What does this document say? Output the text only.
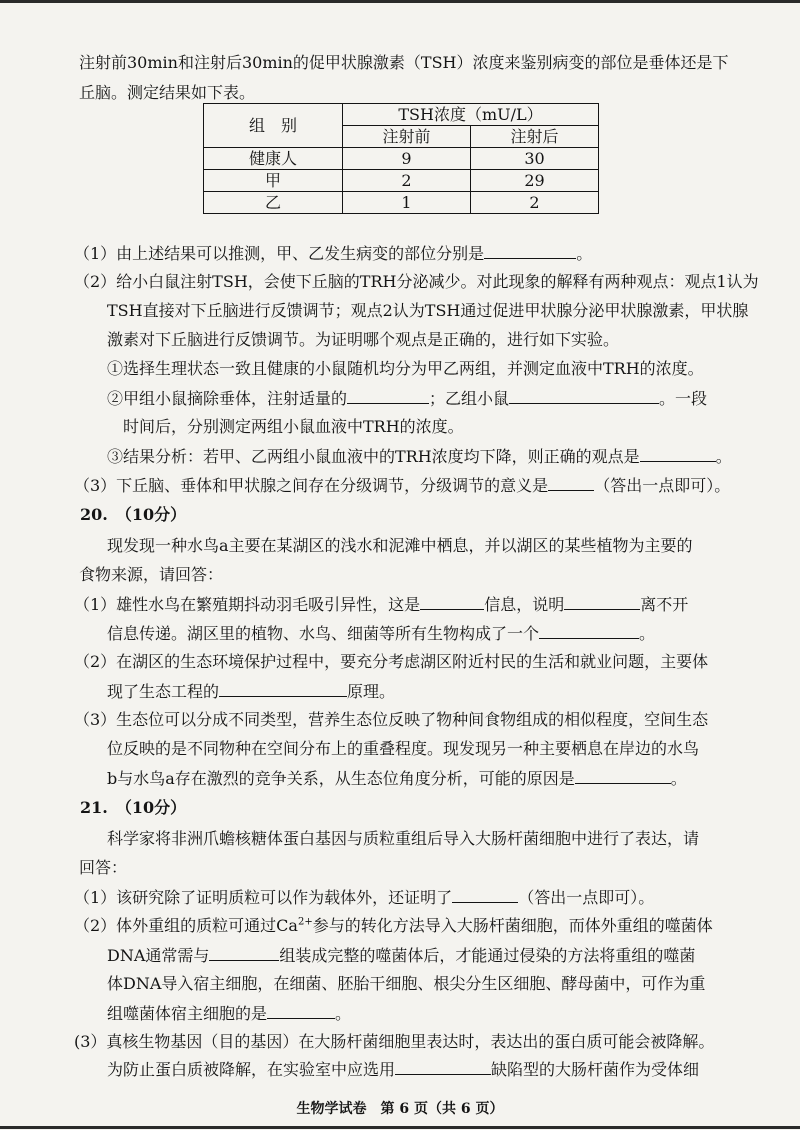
注射前30min和注射后30min的促甲状腺激素（TSH）浓度来鉴别病变的部位是垂体还是下
丘脑。测定结果如下表。
组　别	TSH浓度（mU/L）	
	注射前	注射后
健康人	9	30
甲	2	29
乙	1	2
（1）由上述结果可以推测，甲、乙发生病变的部位分别是	。
（2）给小白鼠注射TSH，会使下丘脑的TRH分泌减少。对此现象的解释有两种观点：观点1认为
TSH直接对下丘脑进行反馈调节；观点2认为TSH通过促进甲状腺分泌甲状腺激素，甲状腺
激素对下丘脑进行反馈调节。为证明哪个观点是正确的，进行如下实验。
①选择生理状态一致且健康的小鼠随机均分为甲乙两组，并测定血液中TRH的浓度。
②甲组小鼠摘除垂体，注射适量的	；乙组小鼠	。一段
时间后，分别测定两组小鼠血液中TRH的浓度。
③结果分析：若甲、乙两组小鼠血液中的TRH浓度均下降，则正确的观点是	。
（3）下丘脑、垂体和甲状腺之间存在分级调节，分级调节的意义是	（答出一点即可）。
20.　（10分）
现发现一种水鸟a主要在某湖区的浅水和泥滩中栖息，并以湖区的某些植物为主要的
食物来源，请回答：
（1）雄性水鸟在繁殖期抖动羽毛吸引异性，这是	信息，说明	离不开
信息传递。湖区里的植物、水鸟、细菌等所有生物构成了一个	。
（2）在湖区的生态环境保护过程中，要充分考虑湖区附近村民的生活和就业问题，主要体
现了生态工程的	原理。
（3）生态位可以分成不同类型，营养生态位反映了物种间食物组成的相似程度，空间生态
位反映的是不同物种在空间分布上的重叠程度。现发现另一种主要栖息在岸边的水鸟
b与水鸟a存在激烈的竞争关系，从生态位角度分析，可能的原因是	。
21.　（10分）
科学家将非洲爪蟾核糖体蛋白基因与质粒重组后导入大肠杆菌细胞中进行了表达，请
回答：
（1）该研究除了证明质粒可以作为载体外，还证明了	（答出一点即可）。
（2）体外重组的质粒可通过$Ca^{2+}$参与的转化方法导入大肠杆菌细胞，而体外重组的噬菌体
DNA通常需与	组装成完整的噬菌体后，才能通过侵染的方法将重组的噬菌
体DNA导入宿主细胞，在细菌、胚胎干细胞、根尖分生区细胞、酵母菌中，可作为重
组噬菌体宿主细胞的是	。
(3）真核生物基因（目的基因）在大肠杆菌细胞里表达时，表达出的蛋白质可能会被降解。
为防止蛋白质被降解，在实验室中应选用	缺陷型的大肠杆菌作为受体细
生物学试卷　第 6 页（共 6 页）
